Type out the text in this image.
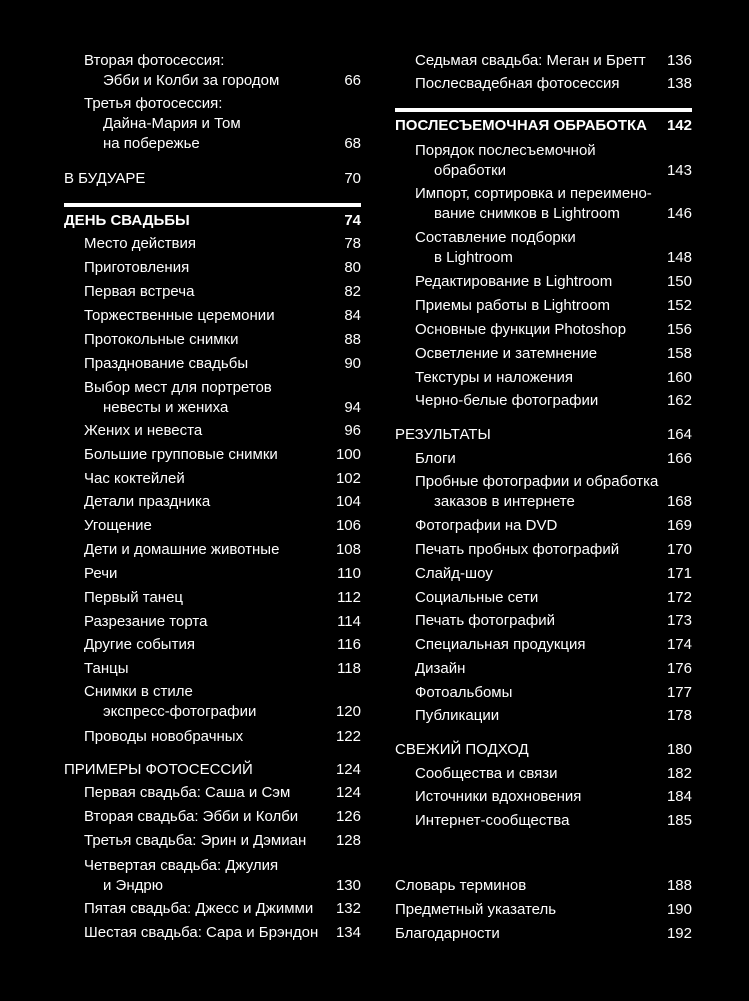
Вторая фотосессия:
Эбби и Колби за городом	66
Третья фотосессия:
Дайна-Мария и Том
на побережье	68
В БУДУАРЕ	70
ДЕНЬ СВАДЬБЫ	74
Место действия	78
Приготовления	80
Первая встреча	82
Торжественные церемонии	84
Протокольные снимки	88
Празднование свадьбы	90
Выбор мест для портретов
невесты и жениха	94
Жених и невеста	96
Большие групповые снимки	100
Час коктейлей	102
Детали праздника	104
Угощение	106
Дети и домашние животные	108
Речи	110
Первый танец	112
Разрезание торта	114
Другие события	116
Танцы	118
Снимки в стиле
экспресс-фотографии	120
Проводы новобрачных	122
ПРИМЕРЫ ФОТОСЕССИЙ	124
Первая свадьба: Саша и Сэм	124
Вторая свадьба: Эбби и Колби	126
Третья свадьба: Эрин и Дэмиан	128
Четвертая свадьба: Джулия
и Эндрю	130
Пятая свадьба: Джесс и Джимми	132
Шестая свадьба: Сара и Брэндон	134
Седьмая свадьба: Меган и Бретт	136
Послесвадебная фотосессия	138
ПОСЛЕСЪЕМОЧНАЯ ОБРАБОТКА	142
Порядок послесъемочной
обработки	143
Импорт, сортировка и переимено-
вание снимков в Lightroom	146
Составление подборки
в Lightroom	148
Редактирование в Lightroom	150
Приемы работы в Lightroom	152
Основные функции Photoshop	156
Осветление и затемнение	158
Текстуры и наложения	160
Черно-белые фотографии	162
РЕЗУЛЬТАТЫ	164
Блоги	166
Пробные фотографии и обработка
заказов в интернете	168
Фотографии на DVD	169
Печать пробных фотографий	170
Слайд-шоу	171
Социальные сети	172
Печать фотографий	173
Специальная продукция	174
Дизайн	176
Фотоальбомы	177
Публикации	178
СВЕЖИЙ ПОДХОД	180
Сообщества и связи	182
Источники вдохновения	184
Интернет-сообщества	185
Словарь терминов	188
Предметный указатель	190
Благодарности	192
